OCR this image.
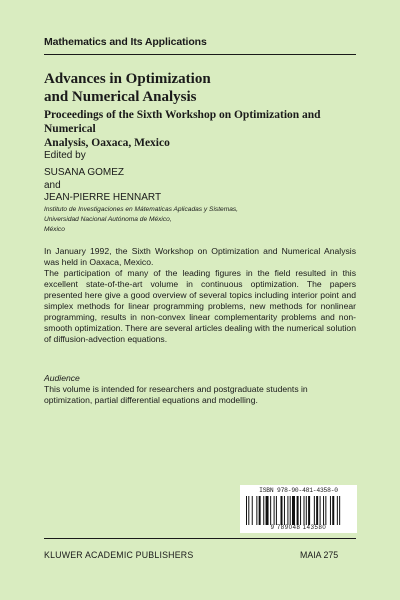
Mathematics and Its Applications
Advances in Optimization
and Numerical Analysis
Proceedings of the Sixth Workshop on Optimization and Numerical
Analysis, Oaxaca, Mexico
Edited by
SUSANA GOMEZ
and
JEAN-PIERRE HENNART
Instituto de Investigaciones en Mátematicas Aplicadas y Sistemas,
Universidad Nacional Autónoma de México,
México

In January 1992, the Sixth Workshop on Optimization and Numerical Analysis was held in Oaxaca, Mexico.

The participation of many of the leading figures in the field resulted in this excellent state-of-the-art volume in continuous optimization. The papers presented here give a good overview of several topics including interior point and simplex methods for linear programming problems, new methods for nonlinear programming, results in non-convex linear complementarity problems and non-smooth optimization. There are several articles dealing with the numerical solution of diffusion-advection equations.

Audience
This volume is intended for researchers and postgraduate students in optimization, partial differential equations and modelling.
ISBN 978-90-481-4358-0
9 789048 143580
KLUWER ACADEMIC PUBLISHERS	MAIA 275
